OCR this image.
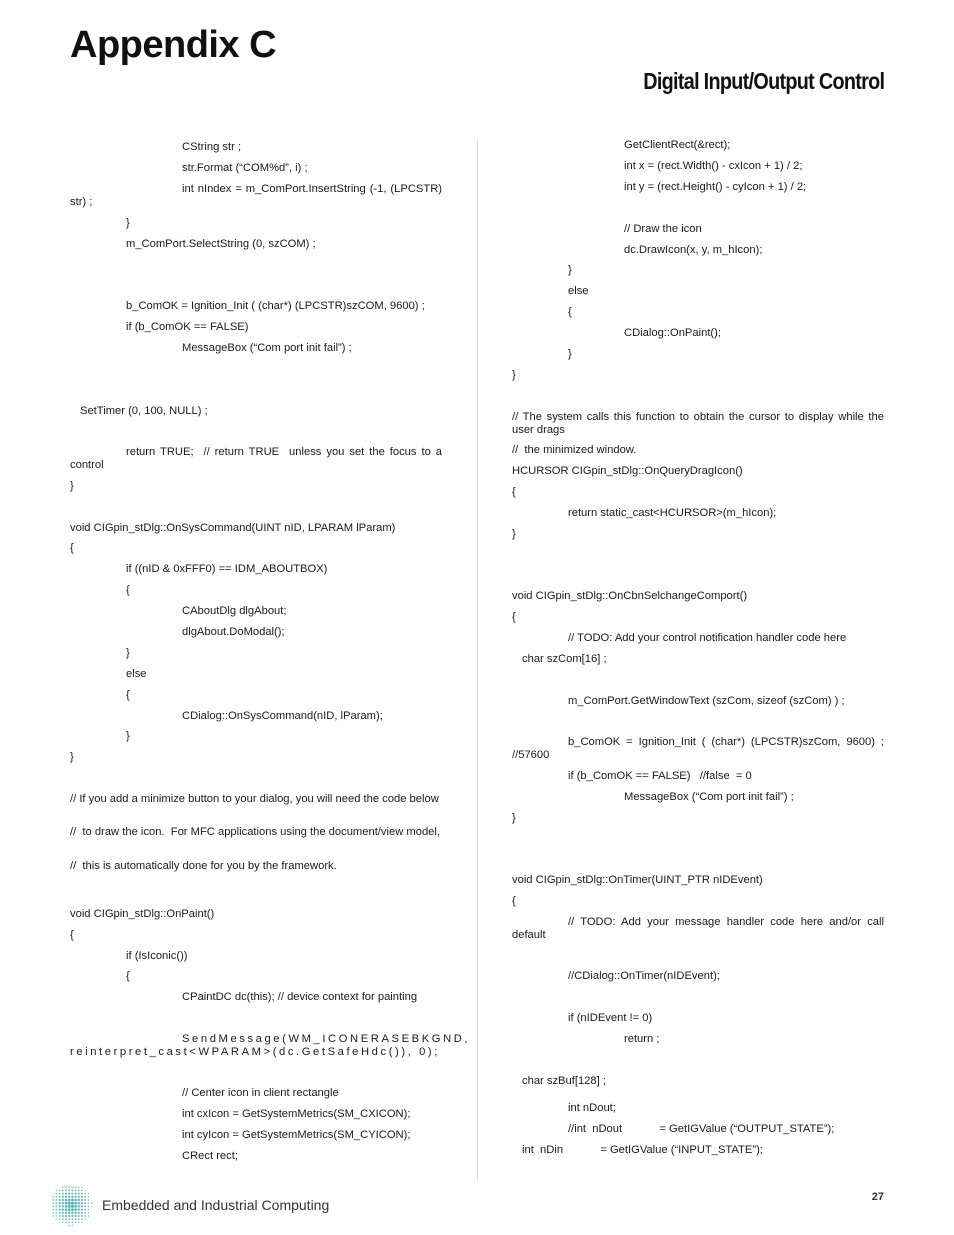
Appendix C
Digital Input/Output Control
CString str ;
str.Format (“COM%d”, i) ;
int nIndex = m_ComPort.InsertString (-1, (LPCSTR) str) ;
}
m_ComPort.SelectString (0, szCOM) ;
b_ComOK = Ignition_Init ( (char*) (LPCSTR)szCOM, 9600) ;
if (b_ComOK == FALSE)
MessageBox (“Com port init fail”) ;
SetTimer (0, 100, NULL) ;
return TRUE;  // return TRUE  unless you set the focus to a control
}
void CIGpin_stDlg::OnSysCommand(UINT nID, LPARAM lParam)
{
if ((nID & 0xFFF0) == IDM_ABOUTBOX)
{
CAboutDlg dlgAbout;
dlgAbout.DoModal();
}
else
{
CDialog::OnSysCommand(nID, lParam);
}
}
// If you add a minimize button to your dialog, you will need the code below
//  to draw the icon.  For MFC applications using the document/view model,
//  this is automatically done for you by the framework.
void CIGpin_stDlg::OnPaint()
{
if (IsIconic())
{
CPaintDC dc(this); // device context for painting
SendMessage(WM_ICONERASEBKGND, reinterpret_cast<WPARAM>(dc.GetSafeHdc()), 0);
// Center icon in client rectangle
int cxIcon = GetSystemMetrics(SM_CXICON);
int cyIcon = GetSystemMetrics(SM_CYICON);
CRect rect;
GetClientRect(&rect);
int x = (rect.Width() - cxIcon + 1) / 2;
int y = (rect.Height() - cyIcon + 1) / 2;
// Draw the icon
dc.DrawIcon(x, y, m_hIcon);
}
else
{
CDialog::OnPaint();
}
}
// The system calls this function to obtain the cursor to display while the user drags
//  the minimized window.
HCURSOR CIGpin_stDlg::OnQueryDragIcon()
{
return static_cast<HCURSOR>(m_hIcon);
}
void CIGpin_stDlg::OnCbnSelchangeComport()
{
// TODO: Add your control notification handler code here
char szCom[16] ;
m_ComPort.GetWindowText (szCom, sizeof (szCom) ) ;
b_ComOK = Ignition_Init ( (char*) (LPCSTR)szCom, 9600) ; //57600
if (b_ComOK == FALSE)   //false  = 0
MessageBox (“Com port init fail”) ;
}
void CIGpin_stDlg::OnTimer(UINT_PTR nIDEvent)
{
// TODO: Add your message handler code here and/or call default
//CDialog::OnTimer(nIDEvent);
if (nIDEvent != 0)
return ;
char szBuf[128] ;
int nDout;
//int  nDout            = GetIGValue (“OUTPUT_STATE”);
int  nDin            = GetIGValue (“INPUT_STATE”);
Embedded and Industrial Computing	27
